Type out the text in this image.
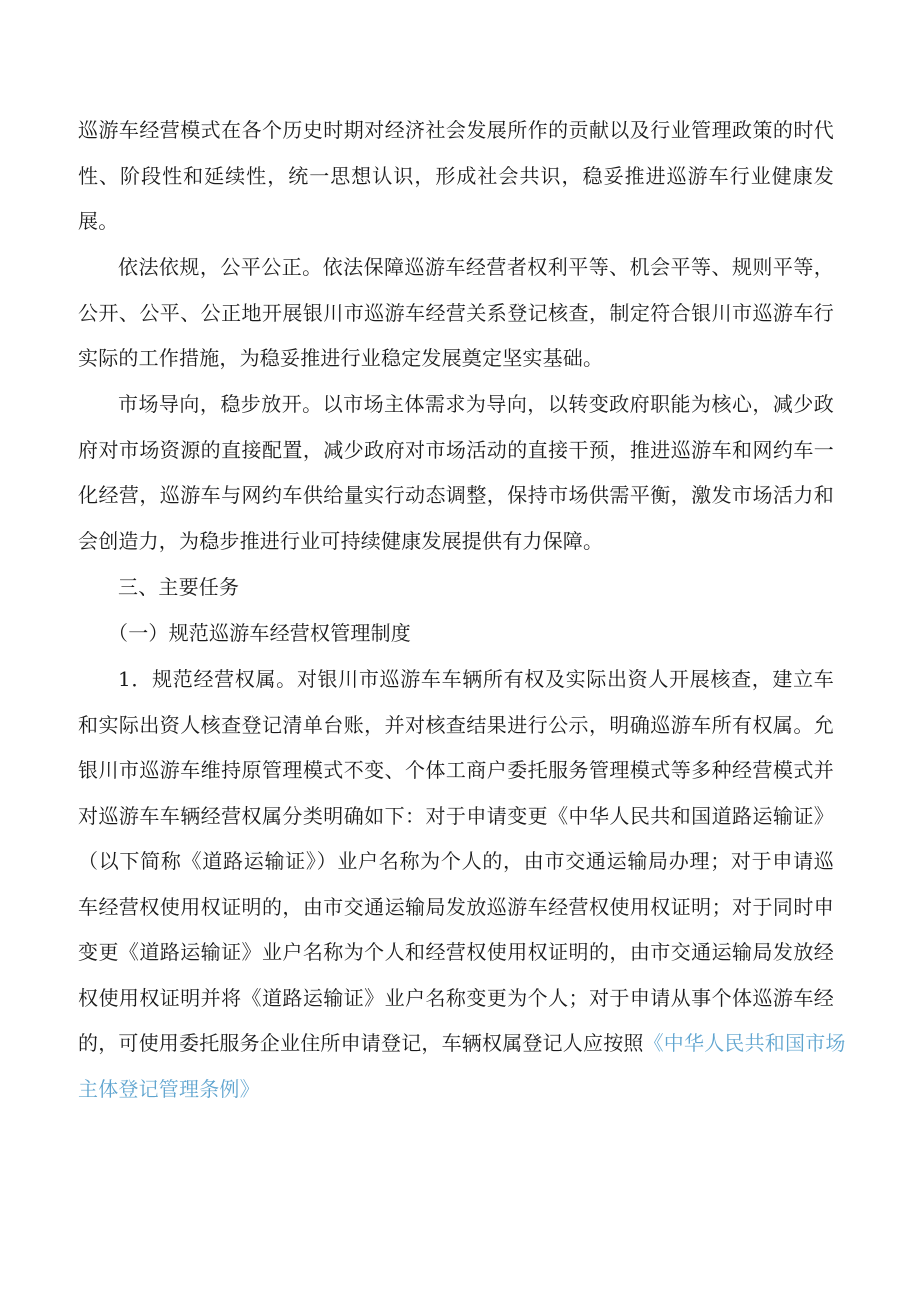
巡游车经营模式在各个历史时期对经济社会发展所作的贡献以及行业管理政策的时代
性、阶段性和延续性，统一思想认识，形成社会共识，稳妥推进巡游车行业健康发
展。
依法依规，公平公正。依法保障巡游车经营者权利平等、机会平等、规则平等，
公开、公平、公正地开展银川市巡游车经营关系登记核查，制定符合银川市巡游车行
实际的工作措施，为稳妥推进行业稳定发展奠定坚实基础。
市场导向，稳步放开。以市场主体需求为导向，以转变政府职能为核心，减少政
府对市场资源的直接配置，减少政府对市场活动的直接干预，推进巡游车和网约车一
化经营，巡游车与网约车供给量实行动态调整，保持市场供需平衡，激发市场活力和
会创造力，为稳步推进行业可持续健康发展提供有力保障。
三、主要任务
（一）规范巡游车经营权管理制度
1．规范经营权属。对银川市巡游车车辆所有权及实际出资人开展核查，建立车
和实际出资人核查登记清单台账，并对核查结果进行公示，明确巡游车所有权属。允
银川市巡游车维持原管理模式不变、个体工商户委托服务管理模式等多种经营模式并
对巡游车车辆经营权属分类明确如下：对于申请变更《中华人民共和国道路运输证》
（以下简称《道路运输证》）业户名称为个人的，由市交通运输局办理；对于申请巡
车经营权使用权证明的，由市交通运输局发放巡游车经营权使用权证明；对于同时申
变更《道路运输证》业户名称为个人和经营权使用权证明的，由市交通运输局发放经
权使用权证明并将《道路运输证》业户名称变更为个人；对于申请从事个体巡游车经
的，可使用委托服务企业住所申请登记，车辆权属登记人应按照《中华人民共和国市场
主体登记管理条例》
